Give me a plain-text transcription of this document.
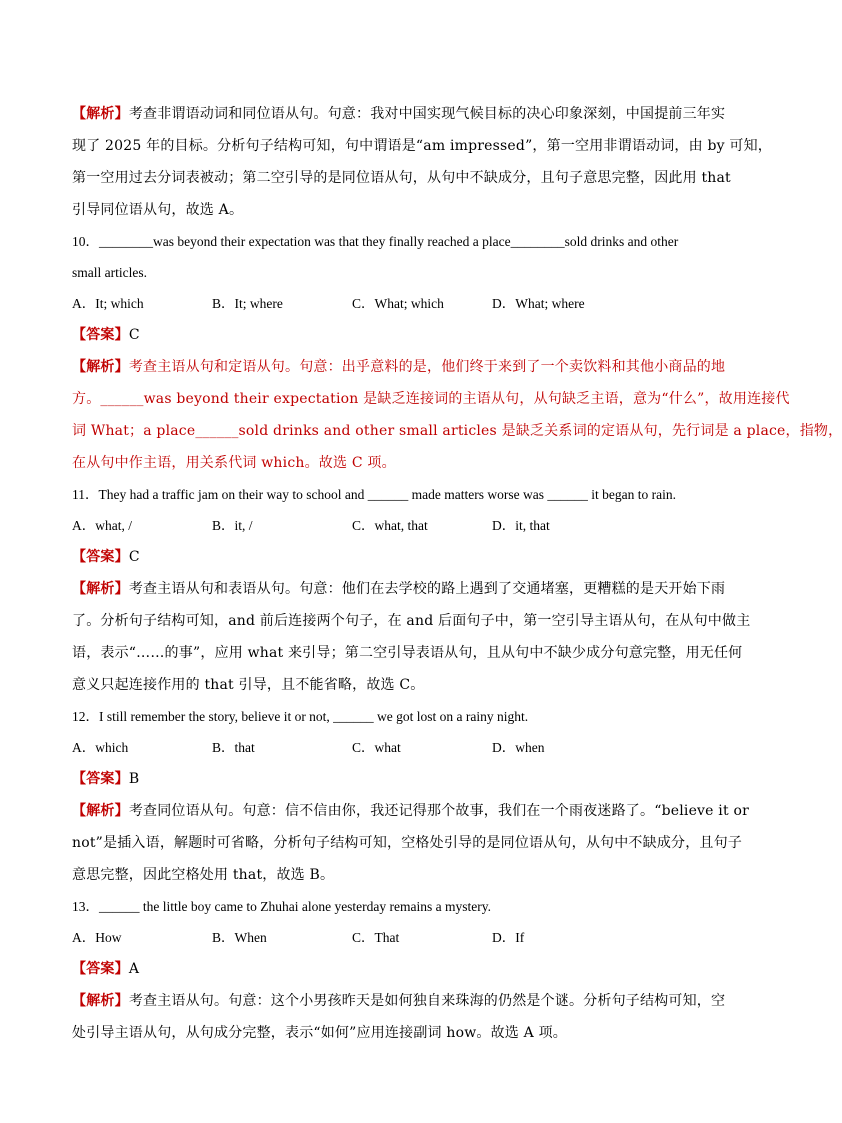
【解析】考查非谓语动词和同位语从句。句意：我对中国实现气候目标的决心印象深刻，中国提前三年实
现了 2025 年的目标。分析句子结构可知，句中谓语是“am impressed”，第一空用非谓语动词，由 by 可知，
第一空用过去分词表被动；第二空引导的是同位语从句，从句中不缺成分，且句子意思完整，因此用 that
引导同位语从句，故选 A。
10．________was beyond their expectation was that they finally reached a place________sold drinks and other
small articles.
A．It; which	B．It; where	C．What; which	D．What; where
【答案】C
【解析】考查主语从句和定语从句。句意：出乎意料的是，他们终于来到了一个卖饮料和其他小商品的地
方。______was beyond their expectation 是缺乏连接词的主语从句，从句缺乏主语，意为“什么”，故用连接代
词 What；a place______sold drinks and other small articles 是缺乏关系词的定语从句，先行词是 a place，指物，
在从句中作主语，用关系代词 which。故选 C 项。
11．They had a traffic jam on their way to school and ______ made matters worse was ______ it began to rain.
A．what, /	B．it, /	C．what, that	D．it, that
【答案】C
【解析】考查主语从句和表语从句。句意：他们在去学校的路上遇到了交通堵塞，更糟糕的是天开始下雨
了。分析句子结构可知，and 前后连接两个句子，在 and 后面句子中，第一空引导主语从句，在从句中做主
语，表示“……的事”，应用 what 来引导；第二空引导表语从句，且从句中不缺少成分句意完整，用无任何
意义只起连接作用的 that 引导，且不能省略，故选 C。
12．I still remember the story, believe it or not, ______ we got lost on a rainy night.
A．which	B．that	C．what	D．when
【答案】B
【解析】考查同位语从句。句意：信不信由你，我还记得那个故事，我们在一个雨夜迷路了。“believe it or
not”是插入语，解题时可省略，分析句子结构可知，空格处引导的是同位语从句，从句中不缺成分，且句子
意思完整，因此空格处用 that，故选 B。
13．______ the little boy came to Zhuhai alone yesterday remains a mystery.
A．How	B．When	C．That	D．If
【答案】A
【解析】考查主语从句。句意：这个小男孩昨天是如何独自来珠海的仍然是个谜。分析句子结构可知，空
处引导主语从句，从句成分完整，表示“如何”应用连接副词 how。故选 A 项。
